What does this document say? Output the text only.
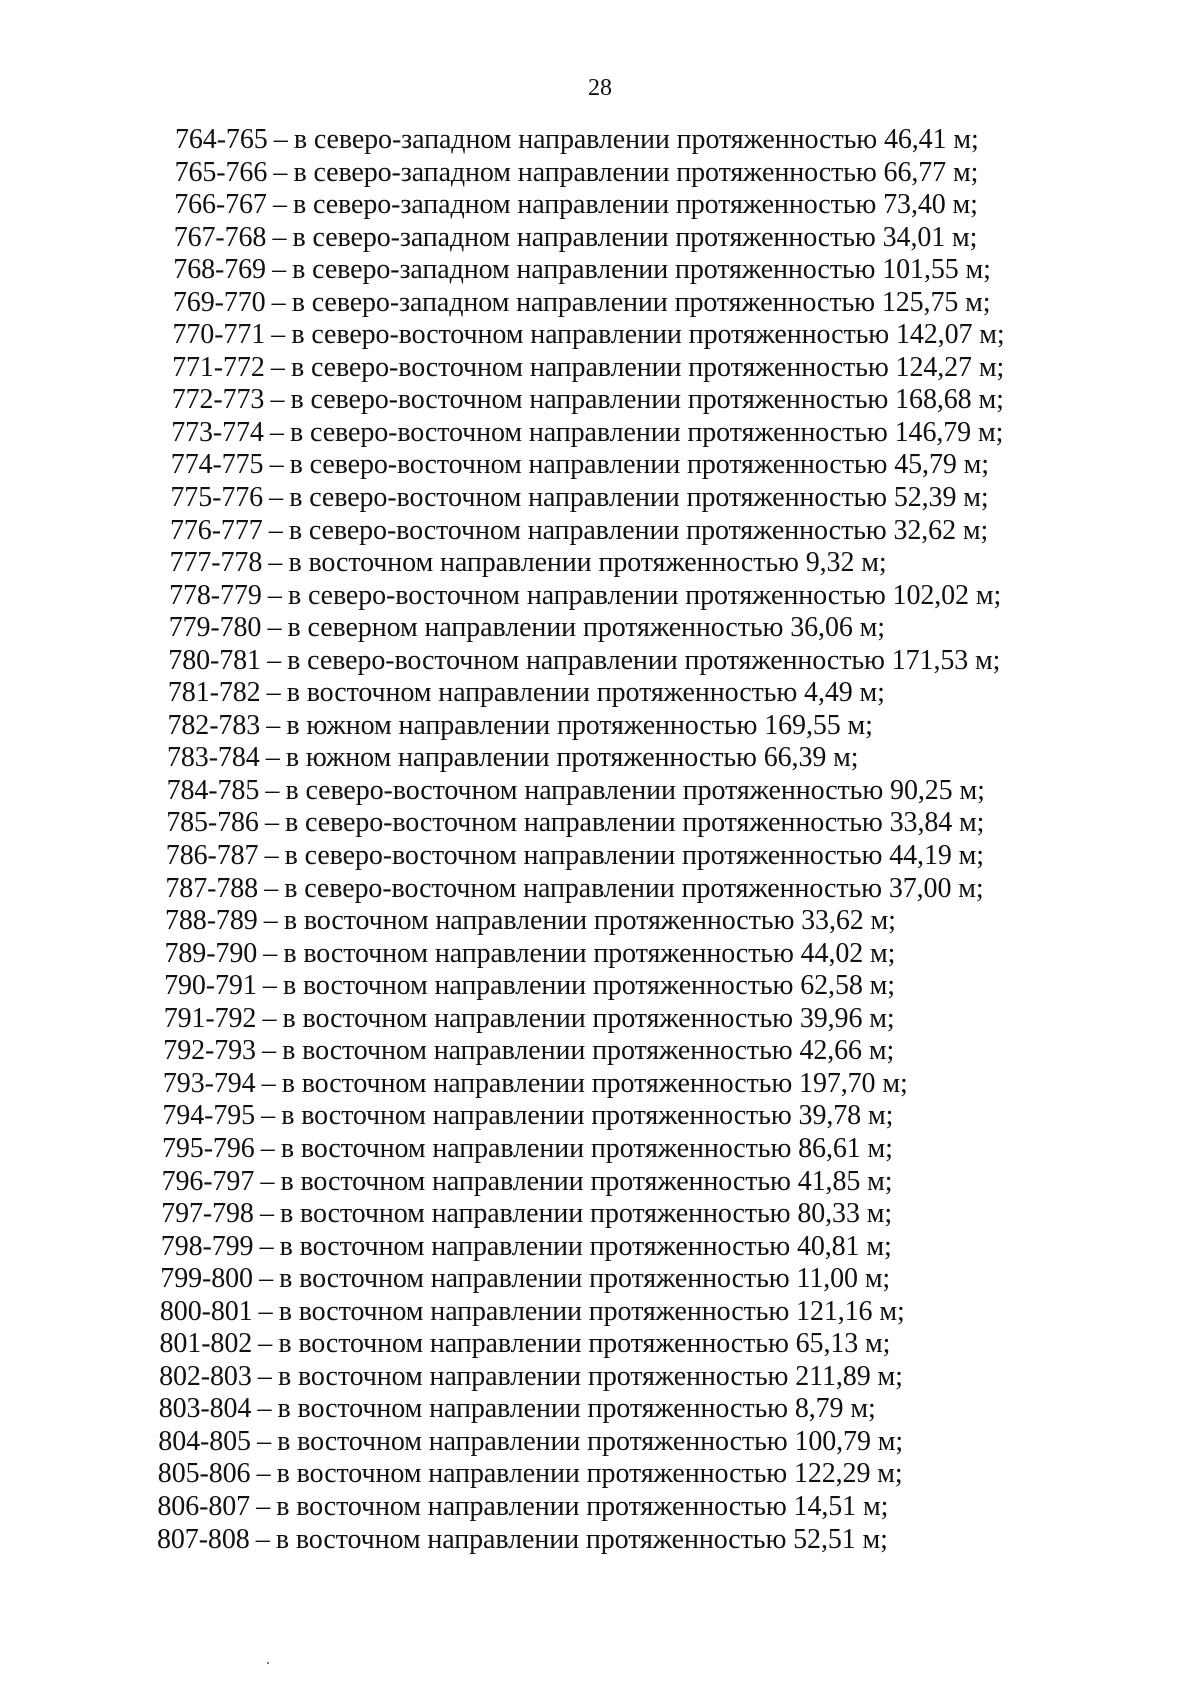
28
764-765 – в северо-западном направлении протяженностью 46,41 м;
765-766 – в северо-западном направлении протяженностью 66,77 м;
766-767 – в северо-западном направлении протяженностью 73,40 м;
767-768 – в северо-западном направлении протяженностью 34,01 м;
768-769 – в северо-западном направлении протяженностью 101,55 м;
769-770 – в северо-западном направлении протяженностью 125,75 м;
770-771 – в северо-восточном направлении протяженностью 142,07 м;
771-772 – в северо-восточном направлении протяженностью 124,27 м;
772-773 – в северо-восточном направлении протяженностью 168,68 м;
773-774 – в северо-восточном направлении протяженностью 146,79 м;
774-775 – в северо-восточном направлении протяженностью 45,79 м;
775-776 – в северо-восточном направлении протяженностью 52,39 м;
776-777 – в северо-восточном направлении протяженностью 32,62 м;
777-778 – в восточном направлении протяженностью 9,32 м;
778-779 – в северо-восточном направлении протяженностью 102,02 м;
779-780 – в северном направлении протяженностью 36,06 м;
780-781 – в северо-восточном направлении протяженностью 171,53 м;
781-782 – в восточном направлении протяженностью 4,49 м;
782-783 – в южном направлении протяженностью 169,55 м;
783-784 – в южном направлении протяженностью 66,39 м;
784-785 – в северо-восточном направлении протяженностью 90,25 м;
785-786 – в северо-восточном направлении протяженностью 33,84 м;
786-787 – в северо-восточном направлении протяженностью 44,19 м;
787-788 – в северо-восточном направлении протяженностью 37,00 м;
788-789 – в восточном направлении протяженностью 33,62 м;
789-790 – в восточном направлении протяженностью 44,02 м;
790-791 – в восточном направлении протяженностью 62,58 м;
791-792 – в восточном направлении протяженностью 39,96 м;
792-793 – в восточном направлении протяженностью 42,66 м;
793-794 – в восточном направлении протяженностью 197,70 м;
794-795 – в восточном направлении протяженностью 39,78 м;
795-796 – в восточном направлении протяженностью 86,61 м;
796-797 – в восточном направлении протяженностью 41,85 м;
797-798 – в восточном направлении протяженностью 80,33 м;
798-799 – в восточном направлении протяженностью 40,81 м;
799-800 – в восточном направлении протяженностью 11,00 м;
800-801 – в восточном направлении протяженностью 121,16 м;
801-802 – в восточном направлении протяженностью 65,13 м;
802-803 – в восточном направлении протяженностью 211,89 м;
803-804 – в восточном направлении протяженностью 8,79 м;
804-805 – в восточном направлении протяженностью 100,79 м;
805-806 – в восточном направлении протяженностью 122,29 м;
806-807 – в восточном направлении протяженностью 14,51 м;
807-808 – в восточном направлении протяженностью 52,51 м;
